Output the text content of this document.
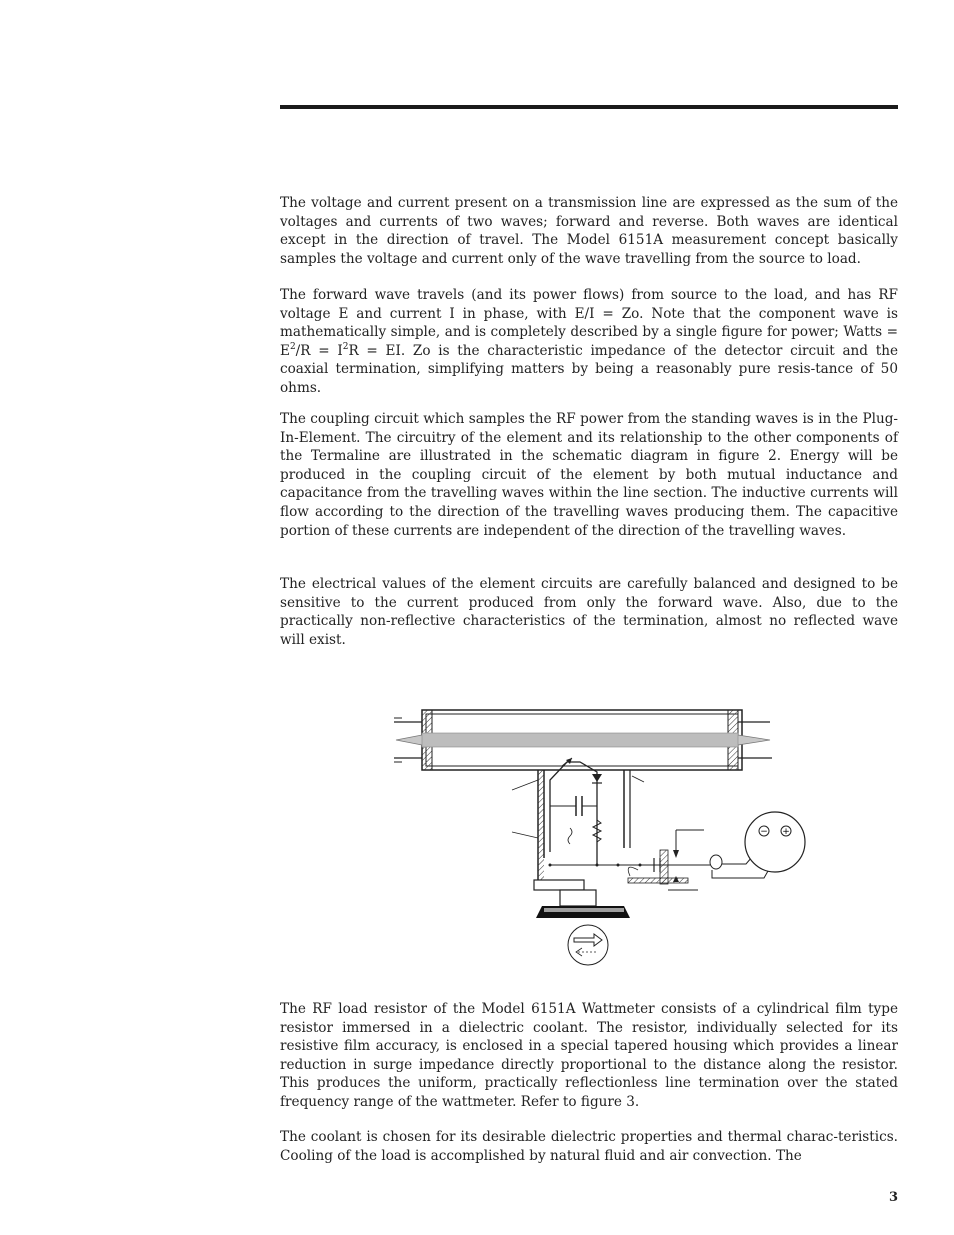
The voltage and current present on a transmission line are expressed as the sum of the voltages and currents of two waves; forward and reverse. Both waves are identical except in the direction of travel. The Model 6151A measurement concept basically samples the voltage and current only of the wave travelling from the source to load.

The forward wave travels (and its power flows) from source to the load, and has RF voltage E and current I in phase, with E/I = Zo. Note that the component wave is mathematically simple, and is completely described by a single figure for power; Watts = $E^2/R = I^2R$ = EI. Zo is the characteristic impedance of the detector circuit and the coaxial termination, simplifying matters by being a reasonably pure resis-tance of 50 ohms.

The coupling circuit which samples the RF power from the standing waves is in the Plug-In-Element. The circuitry of the element and its relationship to the other components of the Termaline are illustrated in the schematic diagram in figure 2. Energy will be produced in the coupling circuit of the element by both mutual inductance and capacitance from the travelling waves within the line section. The inductive currents will flow according to the direction of the travelling waves producing them. The capacitive portion of these currents are independent of the direction of the travelling waves.

The electrical values of the element circuits are carefully balanced and designed to be sensitive to the current produced from only the forward wave. Also, due to the practically non-reflective characteristics of the termination, almost no reflected wave will exist.

− +

The RF load resistor of the Model 6151A Wattmeter consists of a cylindrical film type resistor immersed in a dielectric coolant. The resistor, individually selected for its resistive film accuracy, is enclosed in a special tapered housing which provides a linear reduction in surge impedance directly proportional to the distance along the resistor. This produces the uniform, practically reflectionless line termination over the stated frequency range of the wattmeter. Refer to figure 3.

The coolant is chosen for its desirable dielectric properties and thermal charac-teristics. Cooling of the load is accomplished by natural fluid and air convection. The

3
